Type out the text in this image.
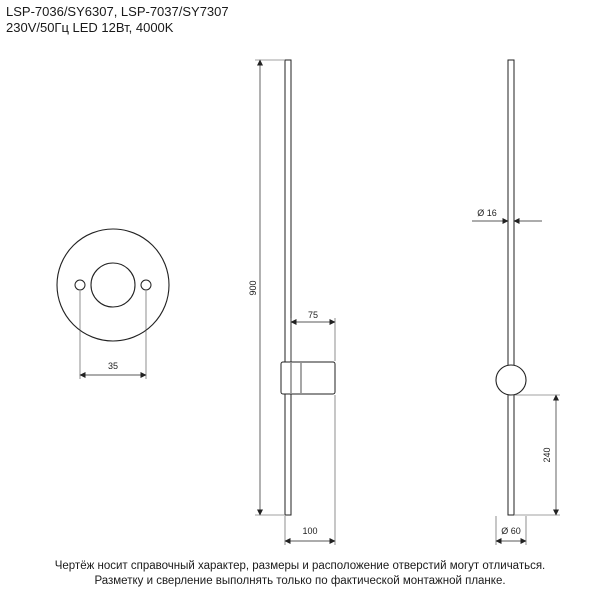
LSP-7036/SY6307, LSP-7037/SY7307
230V/50Гц LED 12Вт, 4000K
35
900
75
100
Ø 16
240
Ø 60
Чертёж носит справочный характер, размеры и расположение отверстий могут отличаться.
Разметку и сверление выполнять только по фактической монтажной планке.
